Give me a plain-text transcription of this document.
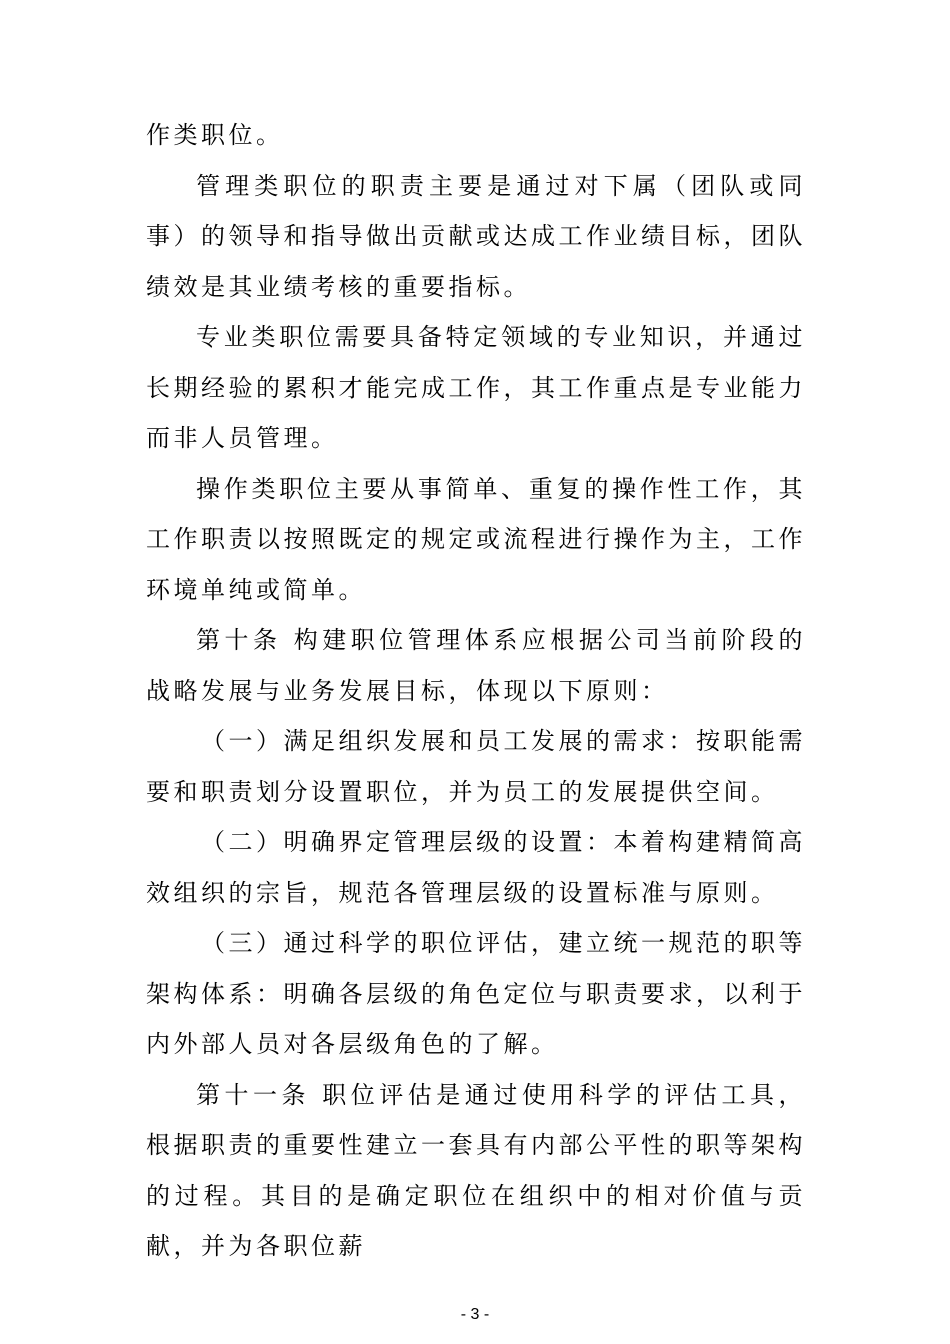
作类职位。

管理类职位的职责主要是通过对下属（团队或同事）的领导和指导做出贡献或达成工作业绩目标，团队绩效是其业绩考核的重要指标。

专业类职位需要具备特定领域的专业知识，并通过长期经验的累积才能完成工作，其工作重点是专业能力而非人员管理。

操作类职位主要从事简单、重复的操作性工作，其工作职责以按照既定的规定或流程进行操作为主，工作环境单纯或简单。

第十条 构建职位管理体系应根据公司当前阶段的战略发展与业务发展目标，体现以下原则：

（一）满足组织发展和员工发展的需求：按职能需要和职责划分设置职位，并为员工的发展提供空间。

（二）明确界定管理层级的设置：本着构建精简高效组织的宗旨，规范各管理层级的设置标准与原则。

（三）通过科学的职位评估，建立统一规范的职等架构体系：明确各层级的角色定位与职责要求，以利于内外部人员对各层级角色的了解。

第十一条 职位评估是通过使用科学的评估工具，根据职责的重要性建立一套具有内部公平性的职等架构的过程。其目的是确定职位在组织中的相对价值与贡献，并为各职位薪

- 3 -
